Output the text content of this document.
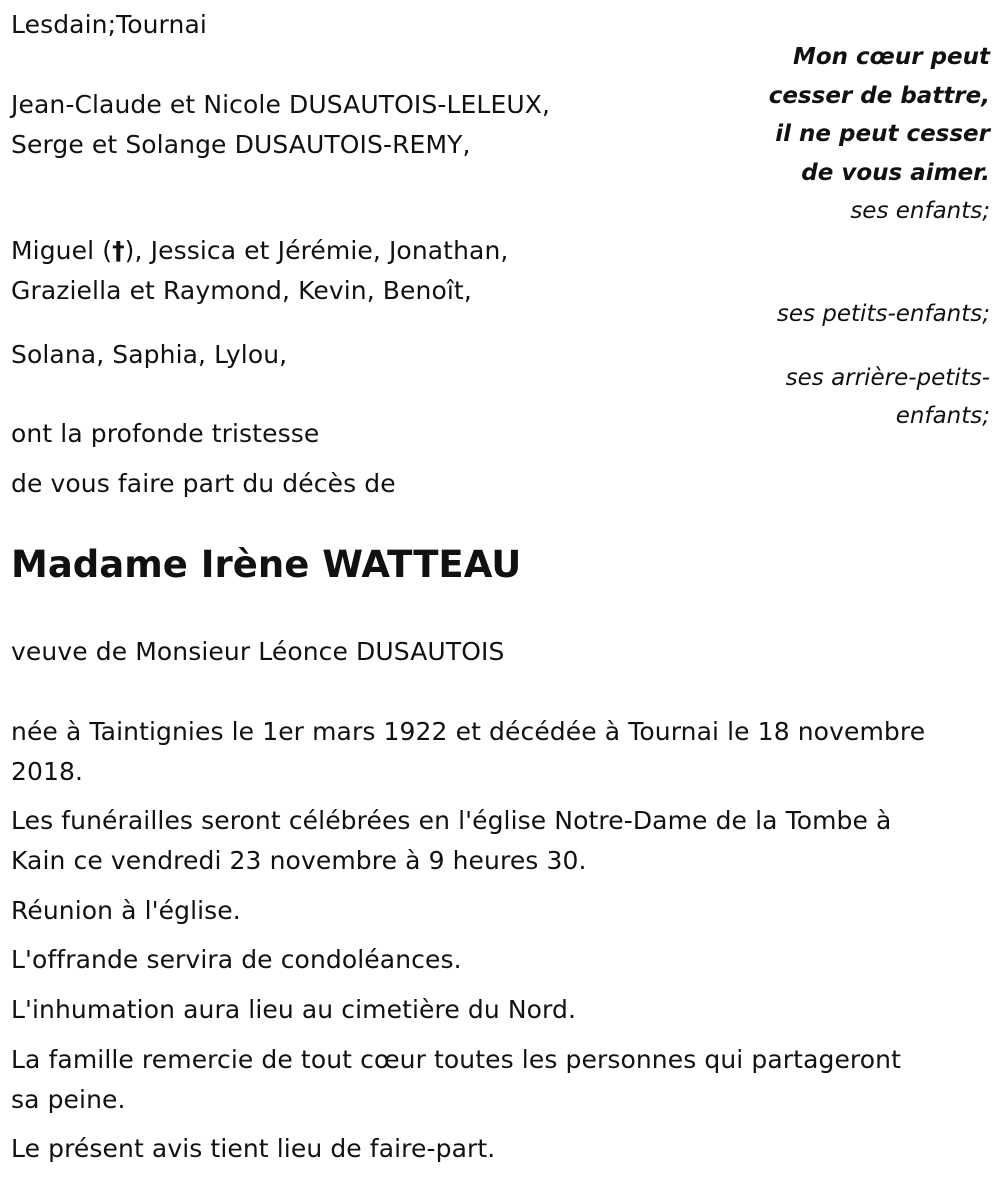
Lesdain;Tournai
Jean-Claude et Nicole DUSAUTOIS-LELEUX,
Serge et Solange DUSAUTOIS-REMY,
Miguel (†), Jessica et Jérémie, Jonathan,
Graziella et Raymond, Kevin, Benoît,
Solana, Saphia, Lylou,
Mon cœur peut
cesser de battre,
il ne peut cesser
de vous aimer.
ses enfants;
ses petits-enfants;
ses arrière-petits-
enfants;
ont la profonde tristesse
de vous faire part du décès de
Madame Irène WATTEAU
veuve de Monsieur Léonce DUSAUTOIS
née à Taintignies le 1er mars 1922 et décédée à Tournai le 18 novembre
2018.
Les funérailles seront célébrées en l'église Notre-Dame de la Tombe à
Kain ce vendredi 23 novembre à 9 heures 30.
Réunion à l'église.
L'offrande servira de condoléances.
L'inhumation aura lieu au cimetière du Nord.
La famille remercie de tout cœur toutes les personnes qui partageront
sa peine.
Le présent avis tient lieu de faire-part.
